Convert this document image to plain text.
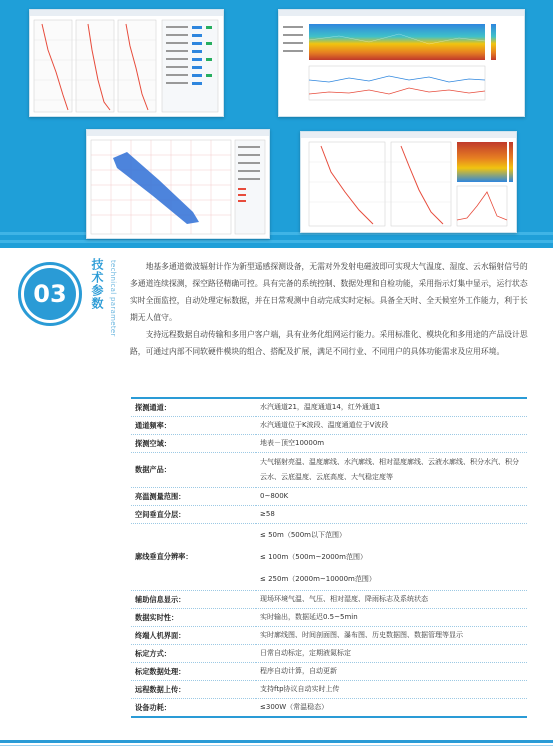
03	技术参数 technical parameter	地基多通道微波辐射计作为新型遥感探测设备，无需对外发射电磁波即可实现大气温度、湿度、云水辐射信号的多通道连续探测，探空路径精确可控。具有完备的系统控制、数据处理和自检功能，采用指示灯集中显示，运行状态实时全面监控，自动处理定标数据，并在日常观测中自动完成实时定标。具备全天时、全天候室外工作能力，利于长期无人值守。

支持远程数据自动传输和多用户客户端，具有业务化组网运行能力。采用标准化、模块化和多用途的产品设计思路，可通过内部不同软硬件模块的组合、搭配及扩展，满足不同行业、不同用户的具体功能需求及应用环境。

探测通道：	水汽通道21，温度通道14，红外通道1
通道频率：	水汽通道位于K波段、温度通道位于V波段
探测空域：	地表－顶空10000m
数据产品：	大气辐射亮温、温度廓线、水汽廓线、相对湿度廓线、云液水廓线、积分水汽、积分云水、云底温度、云底高度、大气稳定度等
亮温测量范围：	0~800K
空间垂直分层：	≥58
廓线垂直分辨率：	≤ 50m（500m以下范围）
≤ 100m（500m~2000m范围）
≤ 250m（2000m~10000m范围）

辅助信息显示：	现场环境气温、气压、相对湿度、降雨标志及系统状态
数据实时性：	实时输出，数据延迟0.5~5min
终端人机界面：	实时廓线图、时间剖面图、瀑布图、历史数据图、数据管理等显示
标定方式：	日常自动标定，定期液氮标定
标定数据处理：	程序自动计算，自动更新
远程数据上传：	支持ftp协议自动实时上传
设备功耗：	≤300W（常温稳态）
